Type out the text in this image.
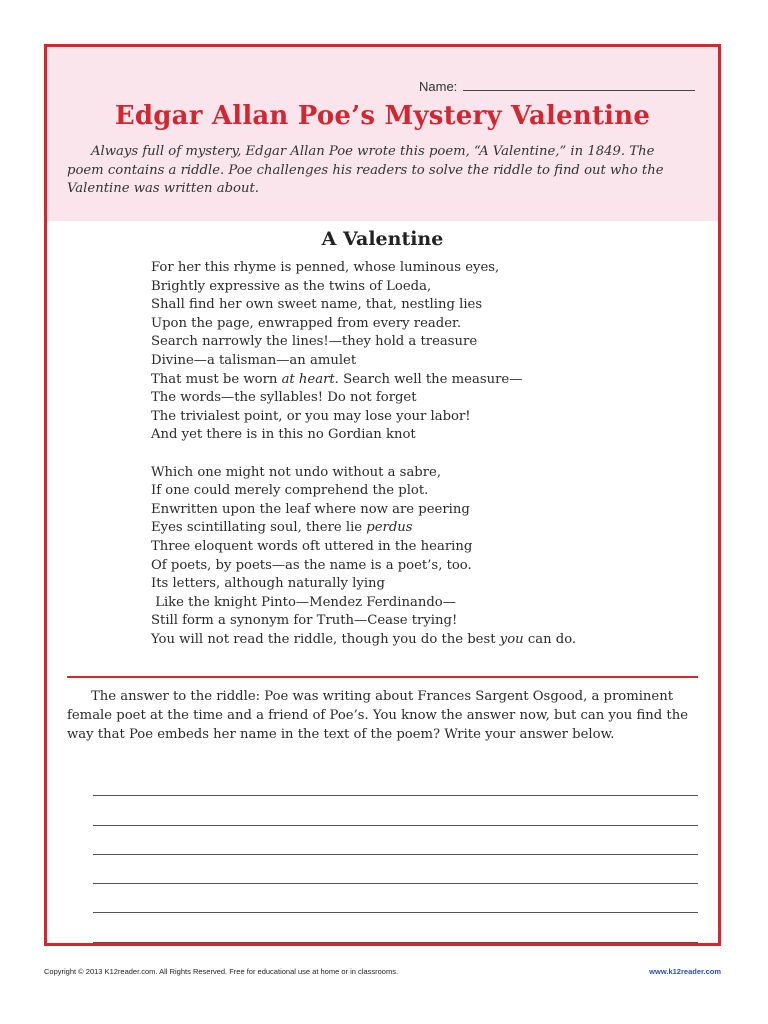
Name:
Edgar Allan Poe’s Mystery Valentine
Always full of mystery, Edgar Allan Poe wrote this poem, “A Valentine,” in 1849. The poem contains a riddle. Poe challenges his readers to solve the riddle to find out who the Valentine was written about.
A Valentine
For her this rhyme is penned, whose luminous eyes,
Brightly expressive as the twins of Loeda,
Shall find her own sweet name, that, nestling lies
Upon the page, enwrapped from every reader.
Search narrowly the lines!—they hold a treasure
Divine—a talisman—an amulet
That must be worn at heart. Search well the measure—
The words—the syllables! Do not forget
The trivialest point, or you may lose your labor!
And yet there is in this no Gordian knot
Which one might not undo without a sabre,
If one could merely comprehend the plot.
Enwritten upon the leaf where now are peering
Eyes scintillating soul, there lie perdus
Three eloquent words oft uttered in the hearing
Of poets, by poets—as the name is a poet’s, too.
Its letters, although naturally lying
Like the knight Pinto—Mendez Ferdinando—
Still form a synonym for Truth—Cease trying!
You will not read the riddle, though you do the best you can do.
The answer to the riddle: Poe was writing about Frances Sargent Osgood, a prominent female poet at the time and a friend of Poe’s. You know the answer now, but can you find the way that Poe embeds her name in the text of the poem? Write your answer below.
Copyright © 2013 K12reader.com. All Rights Reserved. Free for educational use at home or in classrooms.	www.k12reader.com
